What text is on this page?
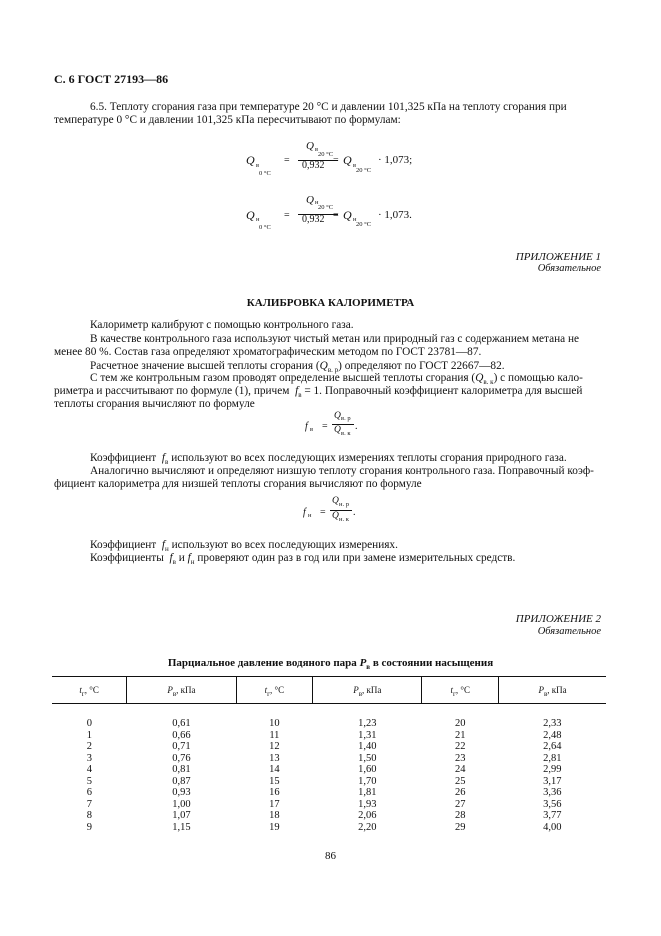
С. 6 ГОСТ 27193—86
6.5. Теплоту сгорания газа при температуре 20 °С и давлении 101,325 кПа на теплоту сгорания при
температуре 0 °С и давлении 101,325 кПа пересчитывают по формулам:
Q в
0 °С
=
Q в
20 °С
0,932 = Q в
20 °С
· 1,073;
Q н
0 °С
=
Q н
20 °С
0,932 = Q н
20 °С
· 1,073.
ПРИЛОЖЕНИЕ 1
Обязательное
КАЛИБРОВКА КАЛОРИМЕТРА
Калориметр калибруют с помощью контрольного газа.
В качестве контрольного газа используют чистый метан или природный газ с содержанием метана не
менее 80 %. Состав газа определяют хроматографическим методом по ГОСТ 23781—87.
Расчетное значение высшей теплоты сгорания $(Q_{в. р})$ определяют по ГОСТ 22667—82.
С тем же контрольным газом проводят определение высшей теплоты сгорания $(Q_{в. к})$ с помощью кало-
риметра и рассчитывают по формуле (1), причем $f_в = 1$. Поправочный коэффициент калориметра для высшей
теплоты сгорания вычисляют по формуле
f в =
Q в. р
Q в. к
.
Коэффициент $f_в$ используют во всех последующих измерениях теплоты сгорания природного газа.
Аналогично вычисляют и определяют низшую теплоту сгорания контрольного газа. Поправочный коэф-
фициент калориметра для низшей теплоты сгорания вычисляют по формуле
f н =
Q н. р
Q н. к
.
Коэффициент $f_н$ используют во всех последующих измерениях.
Коэффициенты $f_в$ и $f_н$ проверяют один раз в год или при замене измерительных средств.
ПРИЛОЖЕНИЕ 2
Обязательное
Парциальное давление водяного пара $P_в$ в состоянии насыщения
$t_г$, °С	$P_в$, кПа	$t_г$, °С	$P_в$, кПа	$t_г$, °С	$P_в$, кПа
0	0,61	10	1,23	20	2,33
1	0,66	11	1,31	21	2,48
2	0,71	12	1,40	22	2,64
3	0,76	13	1,50	23	2,81
4	0,81	14	1,60	24	2,99
5	0,87	15	1,70	25	3,17
6	0,93	16	1,81	26	3,36
7	1,00	17	1,93	27	3,56
8	1,07	18	2,06	28	3,77
9	1,15	19	2,20	29	4,00
86
